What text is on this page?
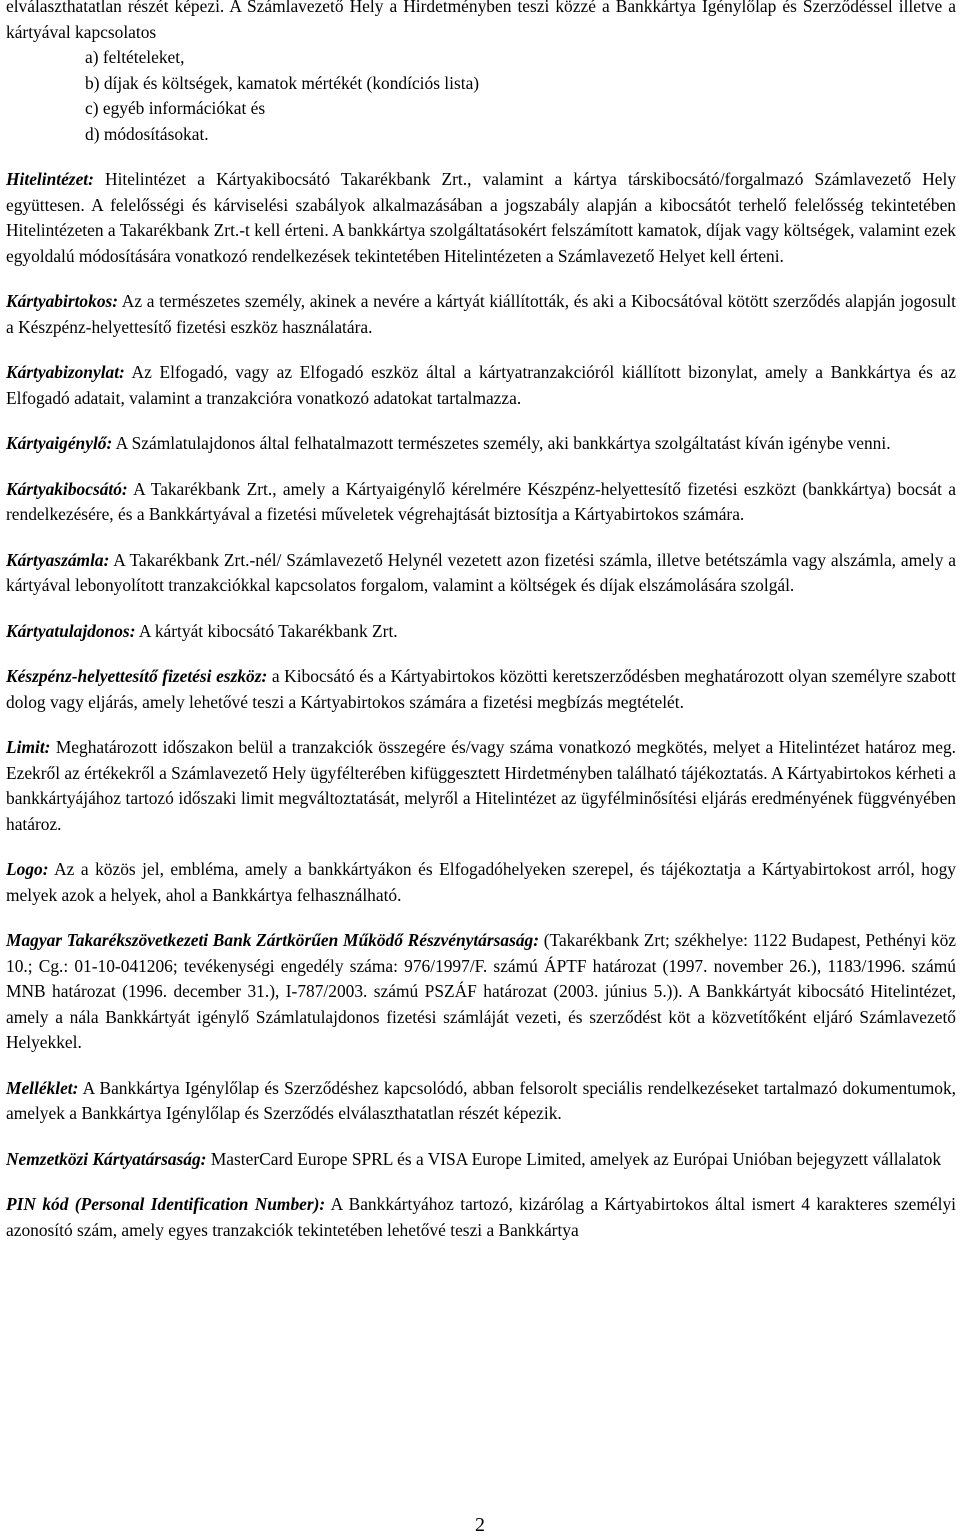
elválaszthatatlan részét képezi. A Számlavezető Hely a Hirdetményben teszi közzé a Bankkártya Igénylőlap és Szerződéssel illetve a kártyával kapcsolatos

a) feltételeket,

b) díjak és költségek, kamatok mértékét (kondíciós lista)

c) egyéb információkat és

d) módosításokat.

Hitelintézet: Hitelintézet a Kártyakibocsátó Takarékbank Zrt., valamint a kártya társkibocsátó/forgalmazó Számlavezető Hely együttesen. A felelősségi és kárviselési szabályok alkalmazásában a jogszabály alapján a kibocsátót terhelő felelősség tekintetében Hitelintézeten a Takarékbank Zrt.-t kell érteni. A bankkártya szolgáltatásokért felszámított kamatok, díjak vagy költségek, valamint ezek egyoldalú módosítására vonatkozó rendelkezések tekintetében Hitelintézeten a Számlavezető Helyet kell érteni.

Kártyabirtokos: Az a természetes személy, akinek a nevére a kártyát kiállították, és aki a Kibocsátóval kötött szerződés alapján jogosult a Készpénz-helyettesítő fizetési eszköz használatára.

Kártyabizonylat: Az Elfogadó, vagy az Elfogadó eszköz által a kártyatranzakcióról kiállított bizonylat, amely a Bankkártya és az Elfogadó adatait, valamint a tranzakcióra vonatkozó adatokat tartalmazza.

Kártyaigénylő: A Számlatulajdonos által felhatalmazott természetes személy, aki bankkártya szolgáltatást kíván igénybe venni.

Kártyakibocsátó: A Takarékbank Zrt., amely a Kártyaigénylő kérelmére Készpénz-helyettesítő fizetési eszközt (bankkártya) bocsát a rendelkezésére, és a Bankkártyával a fizetési műveletek végrehajtását biztosítja a Kártyabirtokos számára.

Kártyaszámla: A Takarékbank Zrt.-nél/ Számlavezető Helynél vezetett azon fizetési számla, illetve betétszámla vagy alszámla, amely a kártyával lebonyolított tranzakciókkal kapcsolatos forgalom, valamint a költségek és díjak elszámolására szolgál.

Kártyatulajdonos: A kártyát kibocsátó Takarékbank Zrt.

Készpénz-helyettesítő fizetési eszköz: a Kibocsátó és a Kártyabirtokos közötti keretszerződésben meghatározott olyan személyre szabott dolog vagy eljárás, amely lehetővé teszi a Kártyabirtokos számára a fizetési megbízás megtételét.

Limit: Meghatározott időszakon belül a tranzakciók összegére és/vagy száma vonatkozó megkötés, melyet a Hitelintézet határoz meg. Ezekről az értékekről a Számlavezető Hely ügyfélterében kifüggesztett Hirdetményben található tájékoztatás. A Kártyabirtokos kérheti a bankkártyájához tartozó időszaki limit megváltoztatását, melyről a Hitelintézet az ügyfélminősítési eljárás eredményének függvényében határoz.

Logo: Az a közös jel, embléma, amely a bankkártyákon és Elfogadóhelyeken szerepel, és tájékoztatja a Kártyabirtokost arról, hogy melyek azok a helyek, ahol a Bankkártya felhasználható.

Magyar Takarékszövetkezeti Bank Zártkörűen Működő Részvénytársaság: (Takarékbank Zrt; székhelye: 1122 Budapest, Pethényi köz 10.; Cg.: 01-10-041206; tevékenységi engedély száma: 976/1997/F. számú ÁPTF határozat (1997. november 26.), 1183/1996. számú MNB határozat (1996. december 31.), I-787/2003. számú PSZÁF határozat (2003. június 5.)). A Bankkártyát kibocsátó Hitelintézet, amely a nála Bankkártyát igénylő Számlatulajdonos fizetési számláját vezeti, és szerződést köt a közvetítőként eljáró Számlavezető Helyekkel.

Melléklet: A Bankkártya Igénylőlap és Szerződéshez kapcsolódó, abban felsorolt speciális rendelkezéseket tartalmazó dokumentumok, amelyek a Bankkártya Igénylőlap és Szerződés elválaszthatatlan részét képezik.

Nemzetközi Kártyatársaság: MasterCard Europe SPRL és a VISA Europe Limited, amelyek az Európai Unióban bejegyzett vállalatok

PIN kód (Personal Identification Number): A Bankkártyához tartozó, kizárólag a Kártyabirtokos által ismert 4 karakteres személyi azonosító szám, amely egyes tranzakciók tekintetében lehetővé teszi a Bankkártya

2
